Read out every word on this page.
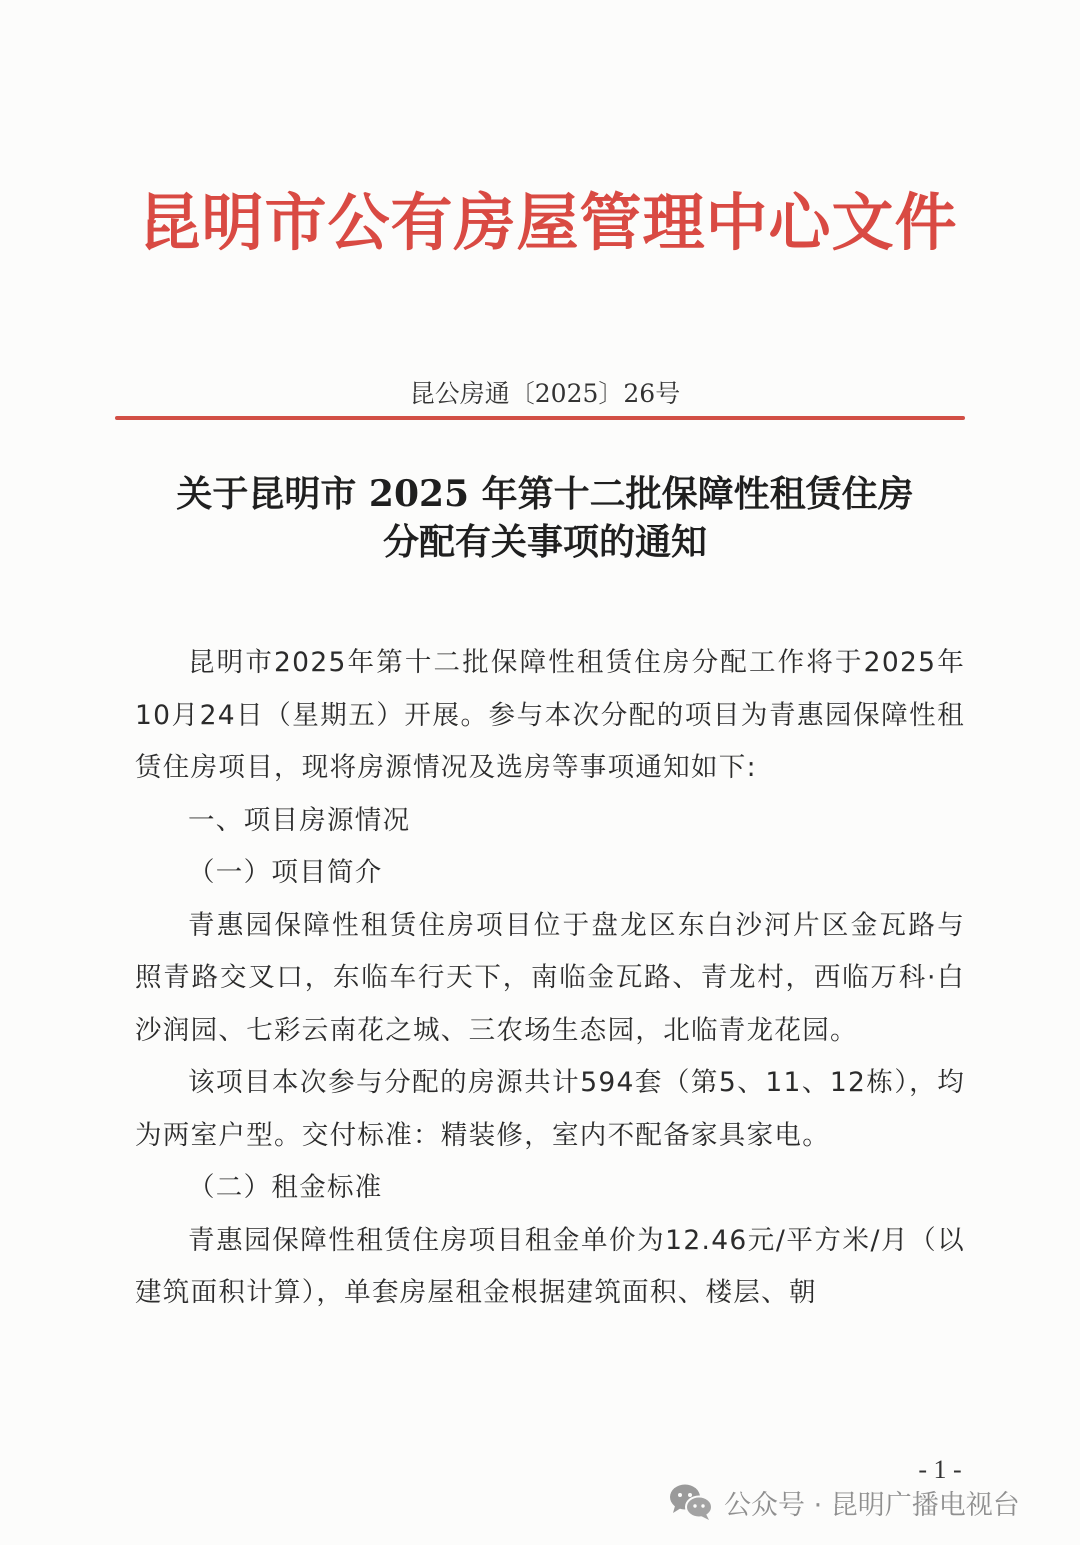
昆明市公有房屋管理中心文件
昆公房通〔2025〕26号
关于昆明市 2025 年第十二批保障性租赁住房
分配有关事项的通知

昆明市2025年第十二批保障性租赁住房分配工作将于2025年10月24日（星期五）开展。参与本次分配的项目为青惠园保障性租赁住房项目，现将房源情况及选房等事项通知如下:

一、项目房源情况

（一）项目简介

青惠园保障性租赁住房项目位于盘龙区东白沙河片区金瓦路与照青路交叉口，东临车行天下，南临金瓦路、青龙村，西临万科·白沙润园、七彩云南花之城、三农场生态园，北临青龙花园。

该项目本次参与分配的房源共计594套（第5、11、12栋），均为两室户型。交付标准：精装修，室内不配备家具家电。

（二）租金标准

青惠园保障性租赁住房项目租金单价为12.46元/平方米/月（以建筑面积计算），单套房屋租金根据建筑面积、楼层、朝

- 1 -
公众号 · 昆明广播电视台
